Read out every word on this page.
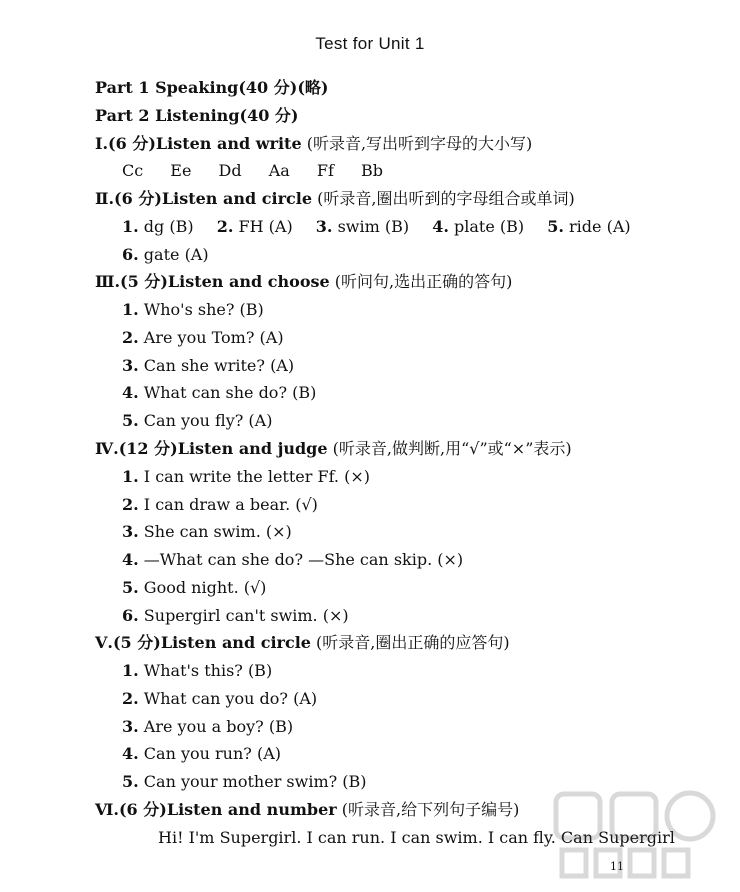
Test for Unit 1
Part 1 Speaking(40 分)(略)
Part 2 Listening(40 分)
Ⅰ.(6 分)Listen and write (听录音,写出听到字母的大小写)
Cc Ee Dd Aa Ff Bb
Ⅱ.(6 分)Listen and circle (听录音,圈出听到的字母组合或单词)
1. dg (B) 2. FH (A) 3. swim (B) 4. plate (B) 5. ride (A)
6. gate (A)
Ⅲ.(5 分)Listen and choose (听问句,选出正确的答句)
1. Who's she? (B)
2. Are you Tom? (A)
3. Can she write? (A)
4. What can she do? (B)
5. Can you fly? (A)
Ⅳ.(12 分)Listen and judge (听录音,做判断,用“√”或“×”表示)
1. I can write the letter Ff. (×)
2. I can draw a bear. (√)
3. She can swim. (×)
4. —What can she do? —She can skip. (×)
5. Good night. (√)
6. Supergirl can't swim. (×)
Ⅴ.(5 分)Listen and circle (听录音,圈出正确的应答句)
1. What's this? (B)
2. What can you do? (A)
3. Are you a boy? (B)
4. Can you run? (A)
5. Can your mother swim? (B)
Ⅵ.(6 分)Listen and number (听录音,给下列句子编号)
Hi! I'm Supergirl. I can run. I can swim. I can fly. Can Supergirl
11
